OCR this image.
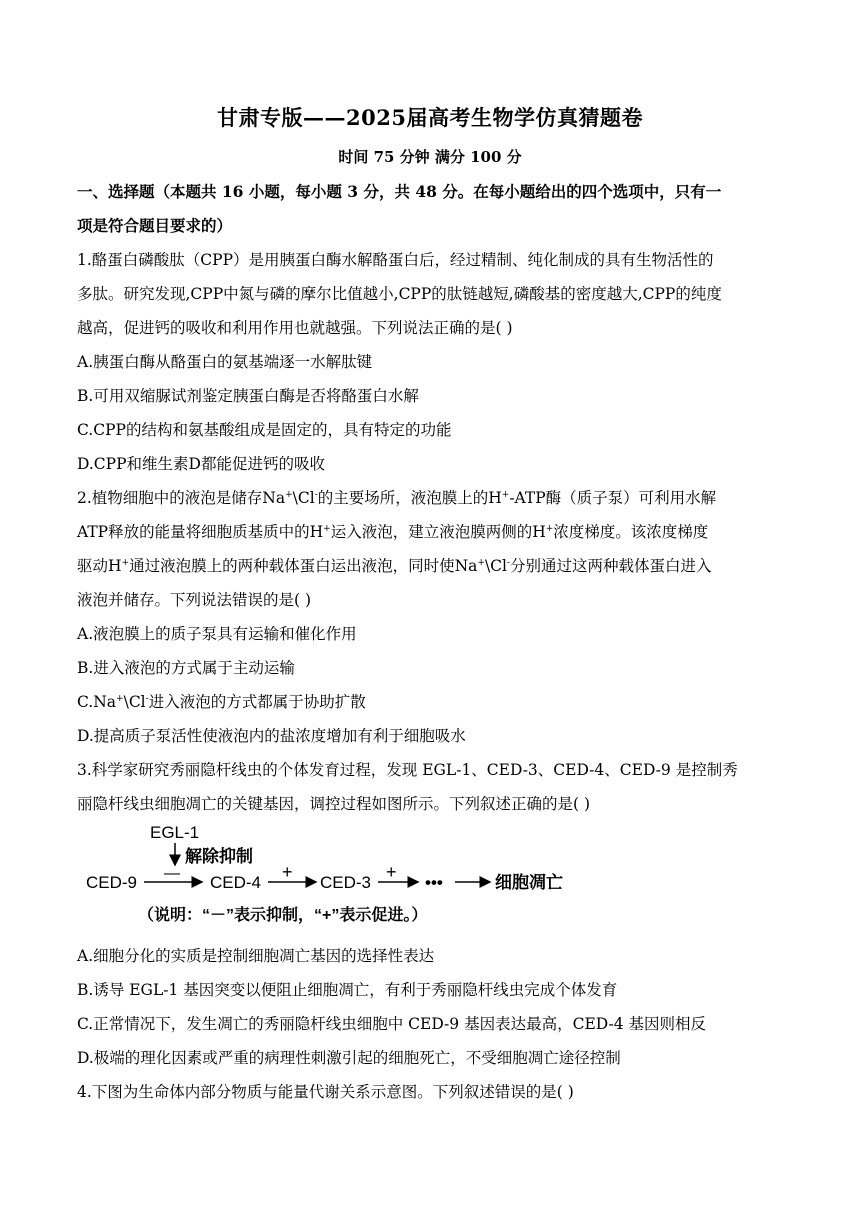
甘肃专版——2025届高考生物学仿真猜题卷
时间 75 分钟 满分 100 分
一、选择题（本题共 16 小题，每小题 3 分，共 48 分。在每小题给出的四个选项中，只有一
项是符合题目要求的）
1.酪蛋白磷酸肽（CPP）是用胰蛋白酶水解酪蛋白后，经过精制、纯化制成的具有生物活性的
多肽。研究发现,CPP中氮与磷的摩尔比值越小,CPP的肽链越短,磷酸基的密度越大,CPP的纯度
越高，促进钙的吸收和利用作用也就越强。下列说法正确的是( )
A.胰蛋白酶从酪蛋白的氨基端逐一水解肽键
B.可用双缩脲试剂鉴定胰蛋白酶是否将酪蛋白水解
C.CPP的结构和氨基酸组成是固定的，具有特定的功能
D.CPP和维生素D都能促进钙的吸收
2.植物细胞中的液泡是储存Na+\Cl-的主要场所，液泡膜上的H+-ATP酶（质子泵）可利用水解
ATP释放的能量将细胞质基质中的H+运入液泡，建立液泡膜两侧的H+浓度梯度。该浓度梯度
驱动H+通过液泡膜上的两种载体蛋白运出液泡，同时使Na+\Cl-分别通过这两种载体蛋白进入
液泡并储存。下列说法错误的是( )
A.液泡膜上的质子泵具有运输和催化作用
B.进入液泡的方式属于主动运输
C.Na+\Cl-进入液泡的方式都属于协助扩散
D.提高质子泵活性使液泡内的盐浓度增加有利于细胞吸水
3.科学家研究秀丽隐杆线虫的个体发育过程，发现 EGL-1、CED-3、CED-4、CED-9 是控制秀
丽隐杆线虫细胞凋亡的关键基因，调控过程如图所示。下列叙述正确的是( )
EGL-1
解除抑制
CED-9 — CED-4
+
CED-3
+
•••	细胞凋亡
（说明：“－”表示抑制，“+”表示促进。）
A.细胞分化的实质是控制细胞凋亡基因的选择性表达
B.诱导 EGL-1 基因突变以便阻止细胞凋亡，有利于秀丽隐杆线虫完成个体发育
C.正常情况下，发生凋亡的秀丽隐杆线虫细胞中 CED-9 基因表达最高，CED-4 基因则相反
D.极端的理化因素或严重的病理性刺激引起的细胞死亡，不受细胞凋亡途径控制
4.下图为生命体内部分物质与能量代谢关系示意图。下列叙述错误的是( )
